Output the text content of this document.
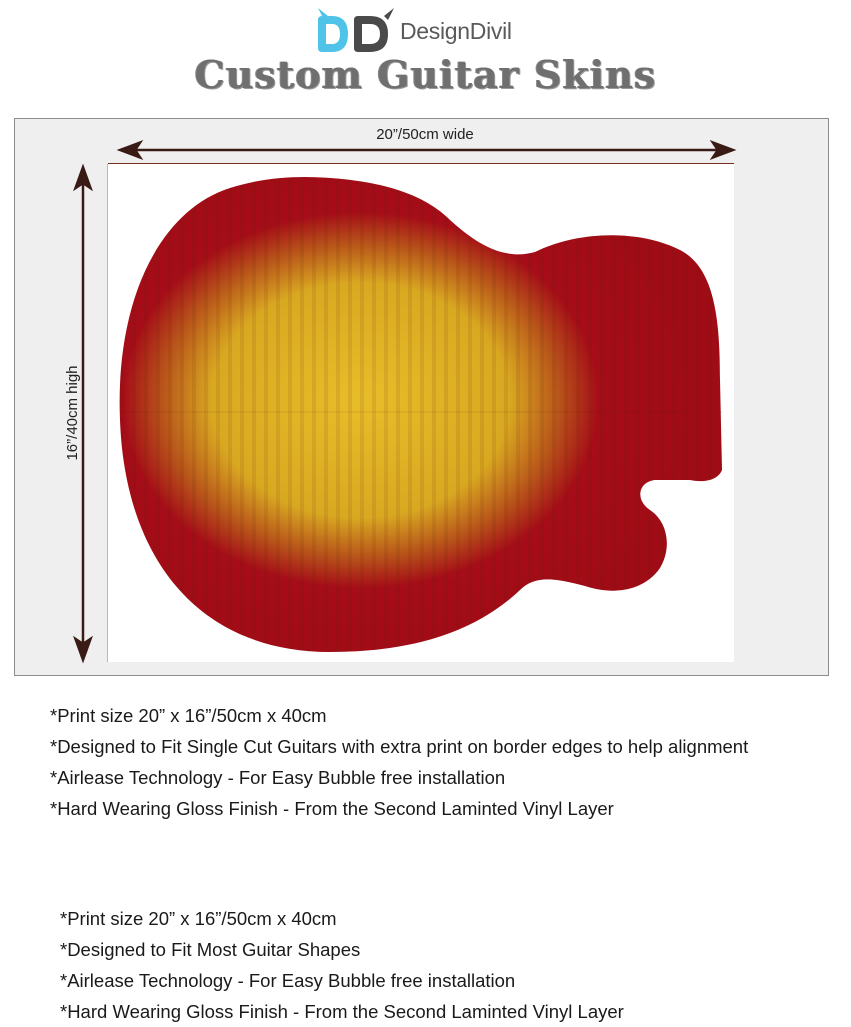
DesignDivil
Custom Guitar Skins
20”/50cm wide
16”/40cm high
*Print size 20” x 16”/50cm x 40cm
*Designed to Fit Single Cut Guitars with extra print on border edges to help alignment
*Airlease Technology - For Easy Bubble free installation
*Hard Wearing Gloss Finish - From the Second Laminted Vinyl Layer
*Print size 20” x 16”/50cm x 40cm
*Designed to Fit Most Guitar Shapes
*Airlease Technology - For Easy Bubble free installation
*Hard Wearing Gloss Finish - From the Second Laminted Vinyl Layer
